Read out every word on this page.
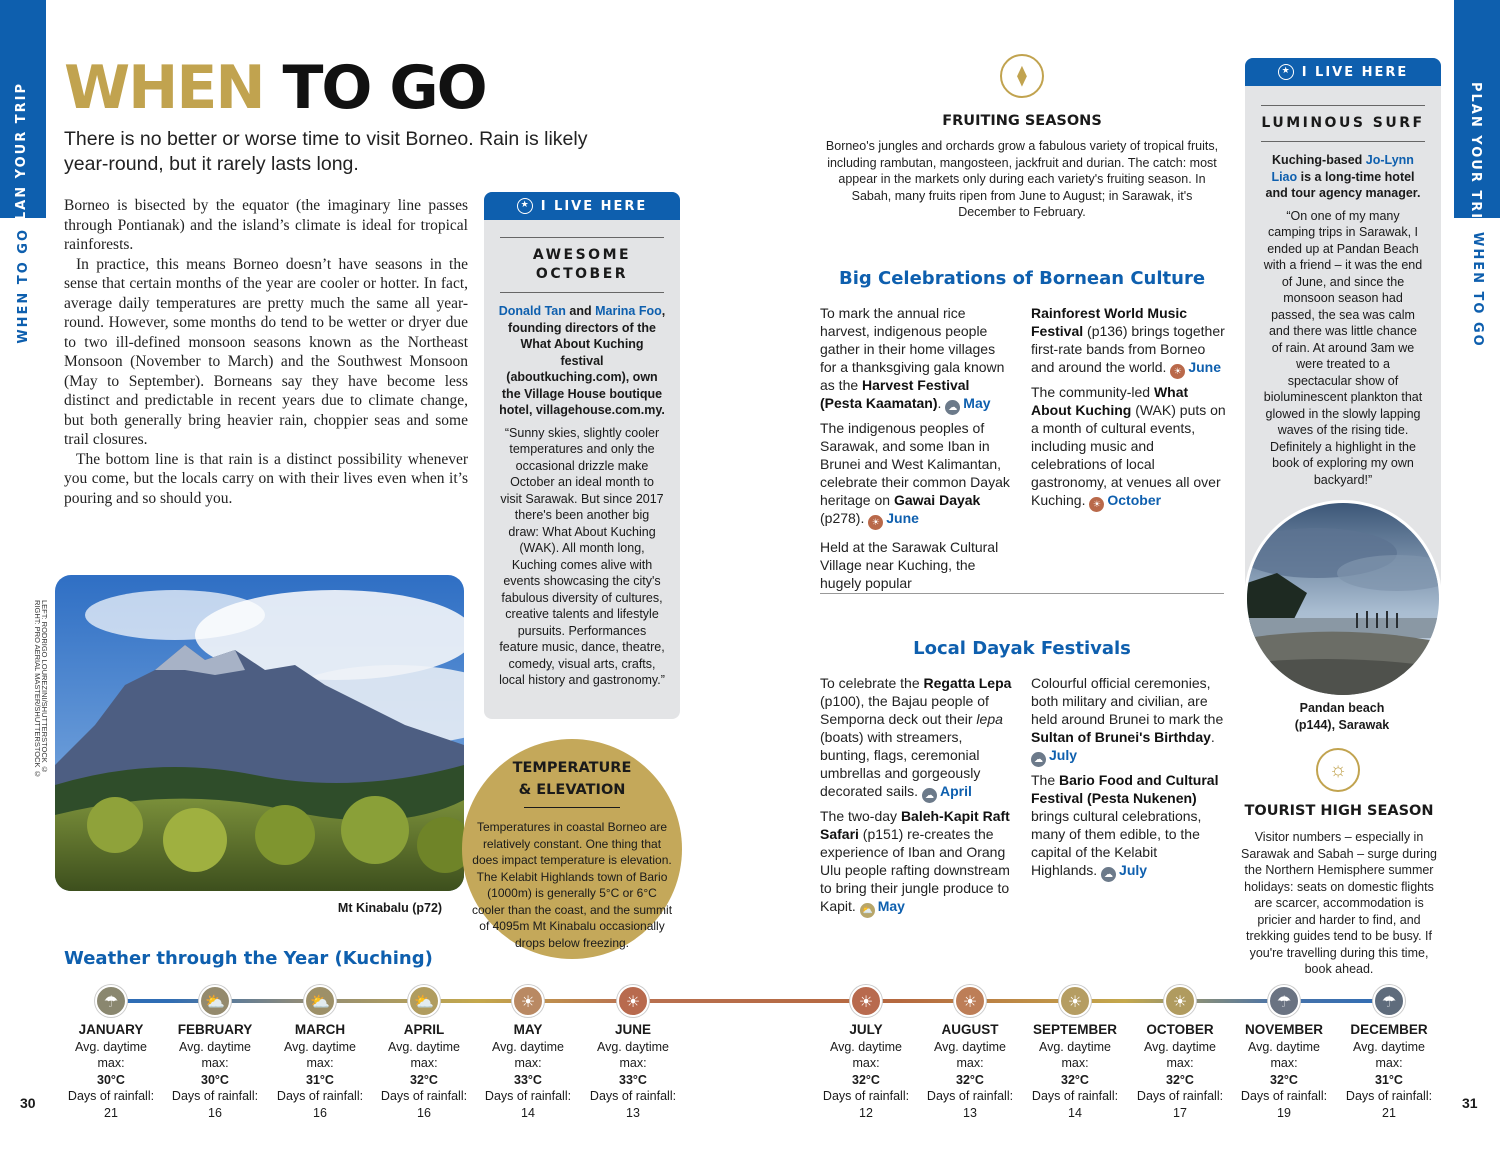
PLAN YOUR TRIP
WHEN TO GO
PLAN YOUR TRIP
WHEN TO GO
30	31
WHEN TO GO
There is no better or worse time to visit Borneo. Rain is likely year-round, but it rarely lasts long.

Borneo is bisected by the equator (the imaginary line passes through Pontianak) and the island’s climate is ideal for tropical rainforests.

In practice, this means Borneo doesn’t have seasons in the sense that certain months of the year are cooler or hotter. In fact, average daily temperatures are pretty much the same all year-round. However, some months do tend to be wetter or dryer due to two ill-defined monsoon seasons known as the Northeast Monsoon (November to March) and the Southwest Monsoon (May to September). Borneans say they have become less distinct and predictable in recent years due to climate change, but both generally bring heavier rain, choppier seas and some trail closures.

The bottom line is that rain is a distinct possibility whenever you come, but the locals carry on with their lives even when it’s pouring and so should you.

★ I LIVE HERE
AWESOME OCTOBER
Donald Tan and Marina Foo, founding directors of the What About Kuching festival (aboutkuching.com), own the Village House boutique hotel, villagehouse.com.my.
“Sunny skies, slightly cooler temperatures and only the occasional drizzle make October an ideal month to visit Sarawak. But since 2017 there's been another big draw: What About Kuching (WAK). All month long, Kuching comes alive with events showcasing the city's fabulous diversity of cultures, creative talents and lifestyle pursuits. Performances feature music, dance, theatre, comedy, visual arts, crafts, local history and gastronomy.”
LEFT: RODRIGO LOUREZINI/SHUTTERSTOCK © RIGHT: PRO AERIAL MASTER/SHUTTERSTOCK ©
Mt Kinabalu (p72)
TEMPERATURE
& ELEVATION
Temperatures in coastal Borneo are relatively constant. One thing that does impact temperature is elevation. The Kelabit Highlands town of Bario (1000m) is generally 5°C or 6°C cooler than the coast, and the summit of 4095m Mt Kinabalu occasionally drops below freezing.
⧫
FRUITING SEASONS
Borneo's jungles and orchards grow a fabulous variety of tropical fruits, including rambutan, mangosteen, jackfruit and durian. The catch: most appear in the markets only during each variety's fruiting season. In Sabah, many fruits ripen from June to August; in Sarawak, it's December to February.
Big Celebrations of Bornean Culture

To mark the annual rice harvest, indigenous people gather in their home villages for a thanksgiving gala known as the Harvest Festival (Pesta Kaamatan). ☁ May

The indigenous peoples of Sarawak, and some Iban in Brunei and West Kalimantan, celebrate their common Dayak heritage on Gawai Dayak (p278). ☀ June

Held at the Sarawak Cultural Village near Kuching, the hugely popular

Rainforest World Music Festival (p136) brings together first-rate bands from Borneo and around the world. ☀ June

The community-led What About Kuching (WAK) puts on a month of cultural events, including music and celebrations of local gastronomy, at venues all over Kuching. ☀ October

Local Dayak Festivals

To celebrate the Regatta Lepa (p100), the Bajau people of Semporna deck out their lepa (boats) with streamers, bunting, flags, ceremonial umbrellas and gorgeously decorated sails. ☁ April

The two-day Baleh-Kapit Raft Safari (p151) re-creates the experience of Iban and Orang Ulu people rafting downstream to bring their jungle produce to Kapit. ⛅ May

Colourful official ceremonies, both military and civilian, are held around Brunei to mark the Sultan of Brunei's Birthday. ☁ July

The Bario Food and Cultural Festival (Pesta Nukenen) brings cultural celebrations, many of them edible, to the capital of the Kelabit Highlands. ☁ July

★ I LIVE HERE
LUMINOUS SURF
Kuching-based Jo-Lynn Liao is a long-time hotel and tour agency manager.
“On one of my many camping trips in Sarawak, I ended up at Pandan Beach with a friend – it was the end of June, and since the monsoon season had passed, the sea was calm and there was little chance of rain. At around 3am we were treated to a spectacular show of bioluminescent plankton that glowed in the slowly lapping waves of the rising tide. Definitely a highlight in the book of exploring my own backyard!”
Pandan beach (p144), Sarawak
☼
TOURIST HIGH SEASON
Visitor numbers – especially in Sarawak and Sabah – surge during the Northern Hemisphere summer holidays: seats on domestic flights are scarcer, accommodation is pricier and harder to find, and trekking guides tend to be busy. If you're travelling during this time, book ahead.
Weather through the Year (Kuching)
☂
JANUARY
Avg. daytime max:
30°C
Days of rainfall:
21
⛅
FEBRUARY
Avg. daytime max:
30°C
Days of rainfall:
16
⛅
MARCH
Avg. daytime max:
31°C
Days of rainfall:
16
⛅
APRIL
Avg. daytime max:
32°C
Days of rainfall:
16
☀
MAY
Avg. daytime max:
33°C
Days of rainfall:
14
☀
JUNE
Avg. daytime max:
33°C
Days of rainfall:
13
☀
JULY
Avg. daytime max:
32°C
Days of rainfall:
12
☀
AUGUST
Avg. daytime max:
32°C
Days of rainfall:
13
☀
SEPTEMBER
Avg. daytime max:
32°C
Days of rainfall:
14
☀
OCTOBER
Avg. daytime max:
32°C
Days of rainfall:
17
☂
NOVEMBER
Avg. daytime max:
32°C
Days of rainfall:
19
☂
DECEMBER
Avg. daytime max:
31°C
Days of rainfall:
21
